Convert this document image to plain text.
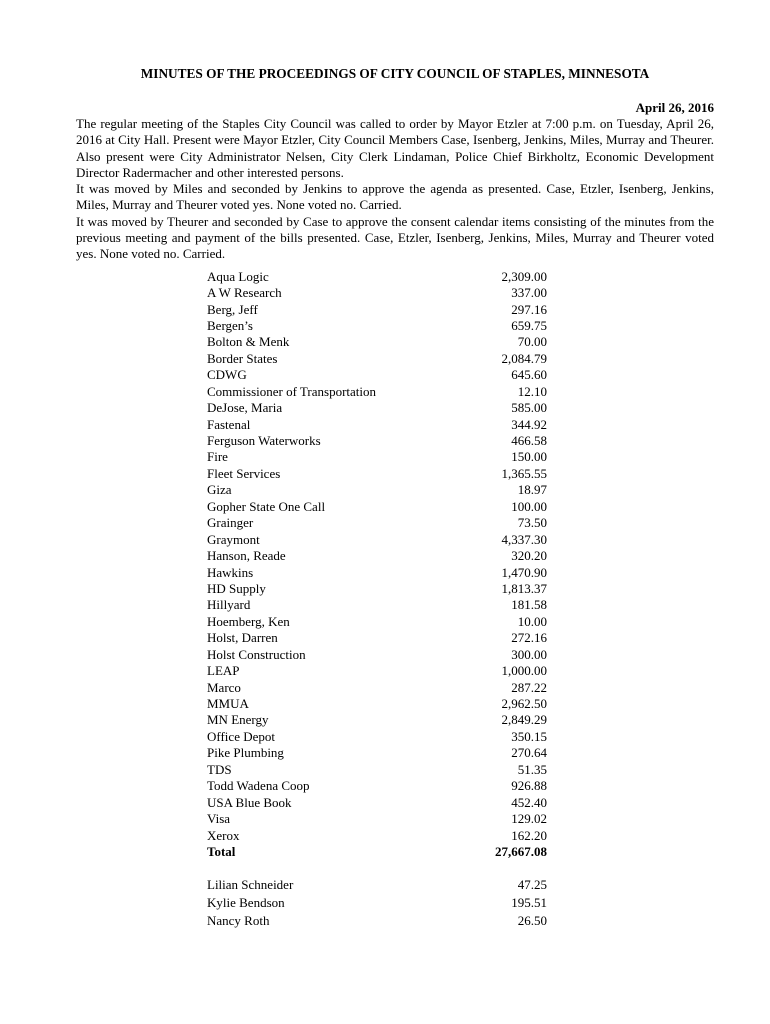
MINUTES OF THE PROCEEDINGS OF CITY COUNCIL OF STAPLES, MINNESOTA
April 26, 2016

The regular meeting of the Staples City Council was called to order by Mayor Etzler at 7:00 p.m. on Tuesday, April 26, 2016 at City Hall. Present were Mayor Etzler, City Council Members Case, Isenberg, Jenkins, Miles, Murray and Theurer. Also present were City Administrator Nelsen, City Clerk Lindaman, Police Chief Birkholtz, Economic Development Director Radermacher and other interested persons.

It was moved by Miles and seconded by Jenkins to approve the agenda as presented. Case, Etzler, Isenberg, Jenkins, Miles, Murray and Theurer voted yes. None voted no. Carried.

It was moved by Theurer and seconded by Case to approve the consent calendar items consisting of the minutes from the previous meeting and payment of the bills presented. Case, Etzler, Isenberg, Jenkins, Miles, Murray and Theurer voted yes. None voted no. Carried.

Aqua Logic	2,309.00
A W Research	337.00
Berg, Jeff	297.16
Bergen’s	659.75
Bolton & Menk	70.00
Border States	2,084.79
CDWG	645.60
Commissioner of Transportation	12.10
DeJose, Maria	585.00
Fastenal	344.92
Ferguson Waterworks	466.58
Fire	150.00
Fleet Services	1,365.55
Giza	18.97
Gopher State One Call	100.00
Grainger	73.50
Graymont	4,337.30
Hanson, Reade	320.20
Hawkins	1,470.90
HD Supply	1,813.37
Hillyard	181.58
Hoemberg, Ken	10.00
Holst, Darren	272.16
Holst Construction	300.00
LEAP	1,000.00
Marco	287.22
MMUA	2,962.50
MN Energy	2,849.29
Office Depot	350.15
Pike Plumbing	270.64
TDS	51.35
Todd Wadena Coop	926.88
USA Blue Book	452.40
Visa	129.02
Xerox	162.20
Total	27,667.08
Lilian Schneider	47.25
Kylie Bendson	195.51
Nancy Roth	26.50
